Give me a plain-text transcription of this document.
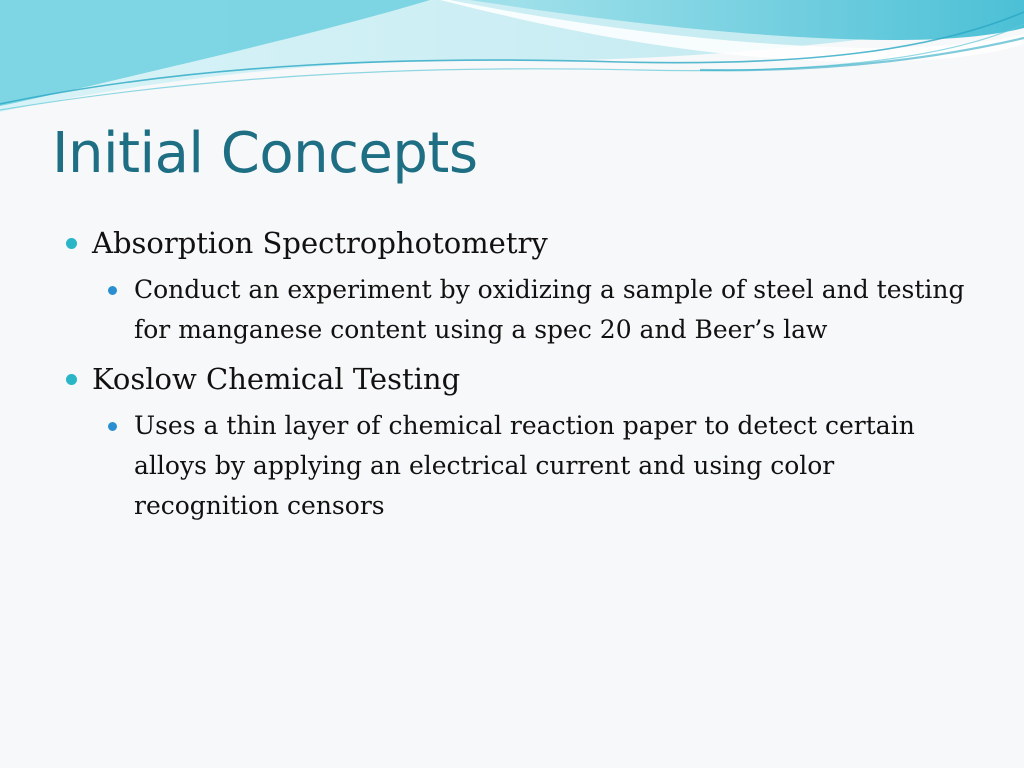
Initial Concepts
Absorption Spectrophotometry
Conduct an experiment by oxidizing a sample of steel and testing for manganese content using a spec 20 and Beer’s law
Koslow Chemical Testing
Uses a thin layer of chemical reaction paper to detect certain alloys by applying an electrical current and using color recognition censors
